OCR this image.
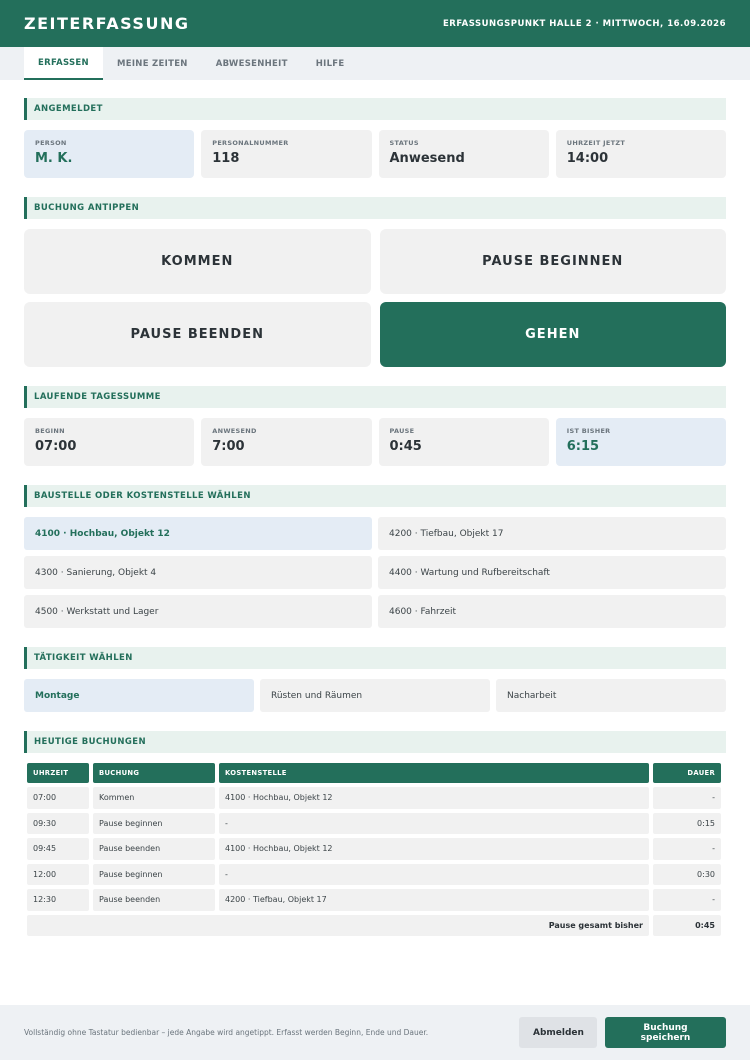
ZEITERFASSUNG	ERFASSUNGSPUNKT HALLE 2 · MITTWOCH, 16.09.2026
ERFASSEN	MEINE ZEITEN	ABWESENHEIT	HILFE
ANGEMELDET
PERSON
M. K.
PERSONALNUMMER
118
STATUS
Anwesend
UHRZEIT JETZT
14:00
BUCHUNG ANTIPPEN
KOMMEN	PAUSE BEGINNEN
PAUSE BEENDEN	GEHEN
LAUFENDE TAGESSUMME
BEGINN
07:00
ANWESEND
7:00
PAUSE
0:45
IST BISHER
6:15
BAUSTELLE ODER KOSTENSTELLE WÄHLEN
4100 · Hochbau, Objekt 12	4200 · Tiefbau, Objekt 17
4300 · Sanierung, Objekt 4	4400 · Wartung und Rufbereitschaft
4500 · Werkstatt und Lager	4600 · Fahrzeit
TÄTIGKEIT WÄHLEN
Montage	Rüsten und Räumen	Nacharbeit
HEUTIGE BUCHUNGEN
UHRZEIT	BUCHUNG	KOSTENSTELLE	DAUER
07:00	Kommen	4100 · Hochbau, Objekt 12	-
09:30	Pause beginnen	-	0:15
09:45	Pause beenden	4100 · Hochbau, Objekt 12	-
12:00	Pause beginnen	-	0:30
12:30	Pause beenden	4200 · Tiefbau, Objekt 17	-
Pause gesamt bisher			0:45
Vollständig ohne Tastatur bedienbar – jede Angabe wird angetippt. Erfasst werden Beginn, Ende und Dauer.	Abmelden	Buchung speichern
